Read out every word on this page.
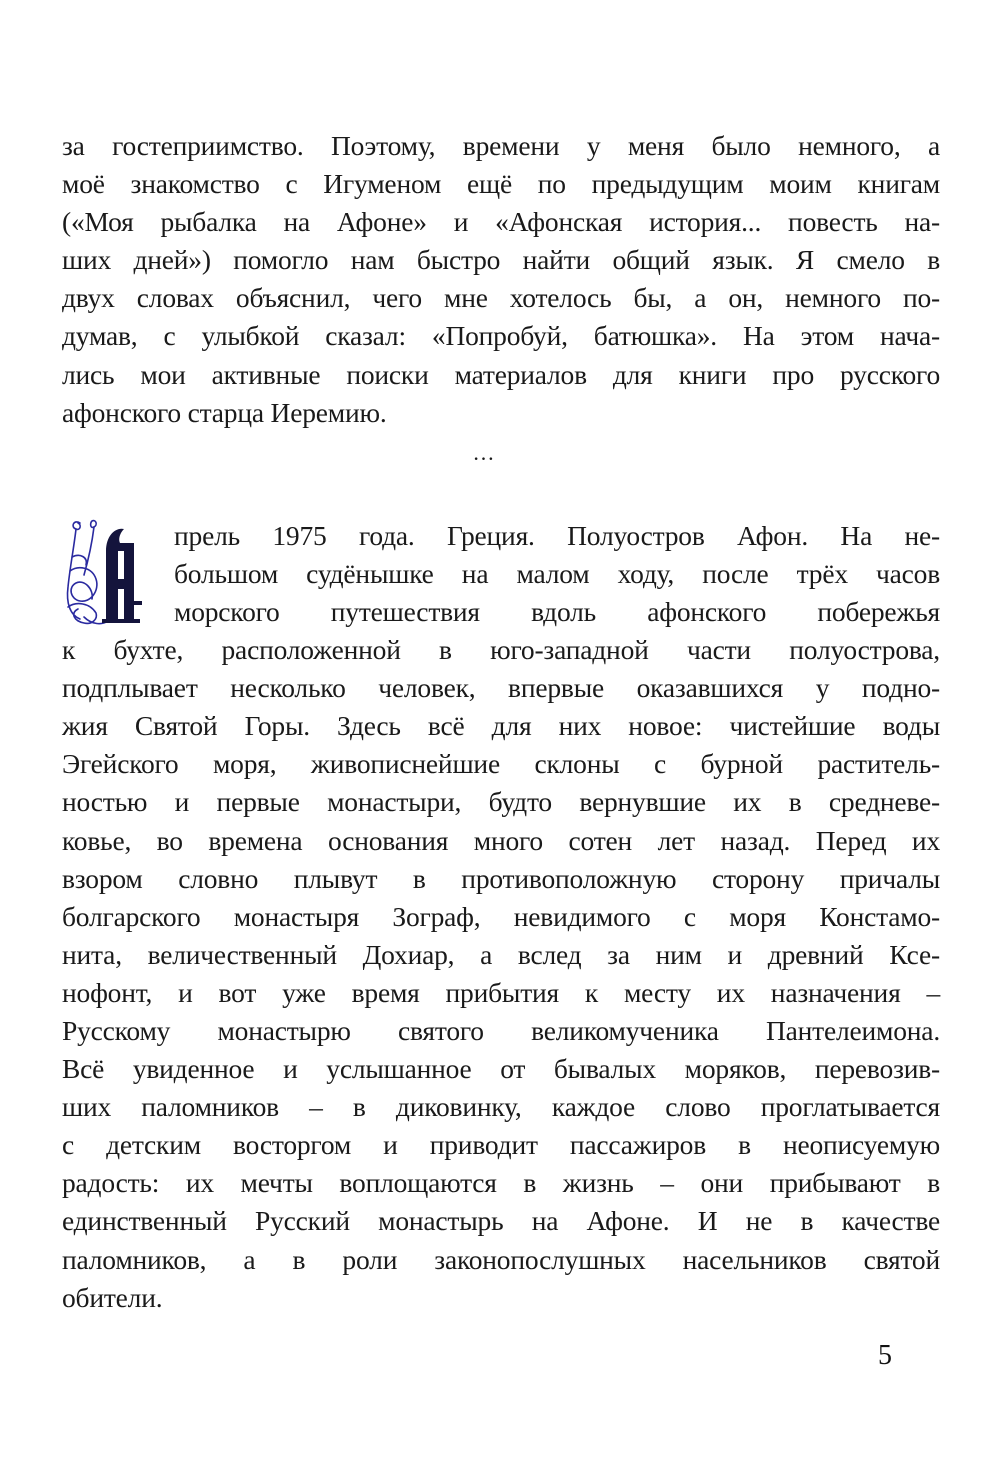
за гостеприимство. Поэтому, времени у меня было немного, а
моё знакомство с Игуменом ещё по предыдущим моим книгам
(«Моя рыбалка на Афоне» и «Афонская история... повесть на-
ших дней») помогло нам быстро найти общий язык. Я смело в
двух словах объяснил, чего мне хотелось бы, а он, немного по-
думав, с улыбкой сказал: «Попробуй, батюшка». На этом нача-
лись мои активные поиски материалов для книги про русского
афонского старца Иеремию.
…
прель 1975 года. Греция. Полуостров Афон. На не-
большом судёнышке на малом ходу, после трёх часов
морского путешествия вдоль афонского побережья
к бухте, расположенной в юго-западной части полуострова,
подплывает несколько человек, впервые оказавшихся у подно-
жия Святой Горы. Здесь всё для них новое: чистейшие воды
Эгейского моря, живописнейшие склоны с бурной раститель-
ностью и первые монастыри, будто вернувшие их в средневе-
ковье, во времена основания много сотен лет назад. Перед их
взором словно плывут в противоположную сторону причалы
болгарского монастыря Зограф, невидимого с моря Констамо-
нита, величественный Дохиар, а вслед за ним и древний Ксе-
нофонт, и вот уже время прибытия к месту их назначения –
Русскому монастырю святого великомученика Пантелеимона.
Всё увиденное и услышанное от бывалых моряков, перевозив-
ших паломников – в диковинку, каждое слово проглатывается
с детским восторгом и приводит пассажиров в неописуемую
радость: их мечты воплощаются в жизнь – они прибывают в
единственный Русский монастырь на Афоне. И не в качестве
паломников, а в роли законопослушных насельников святой
обители.
5
